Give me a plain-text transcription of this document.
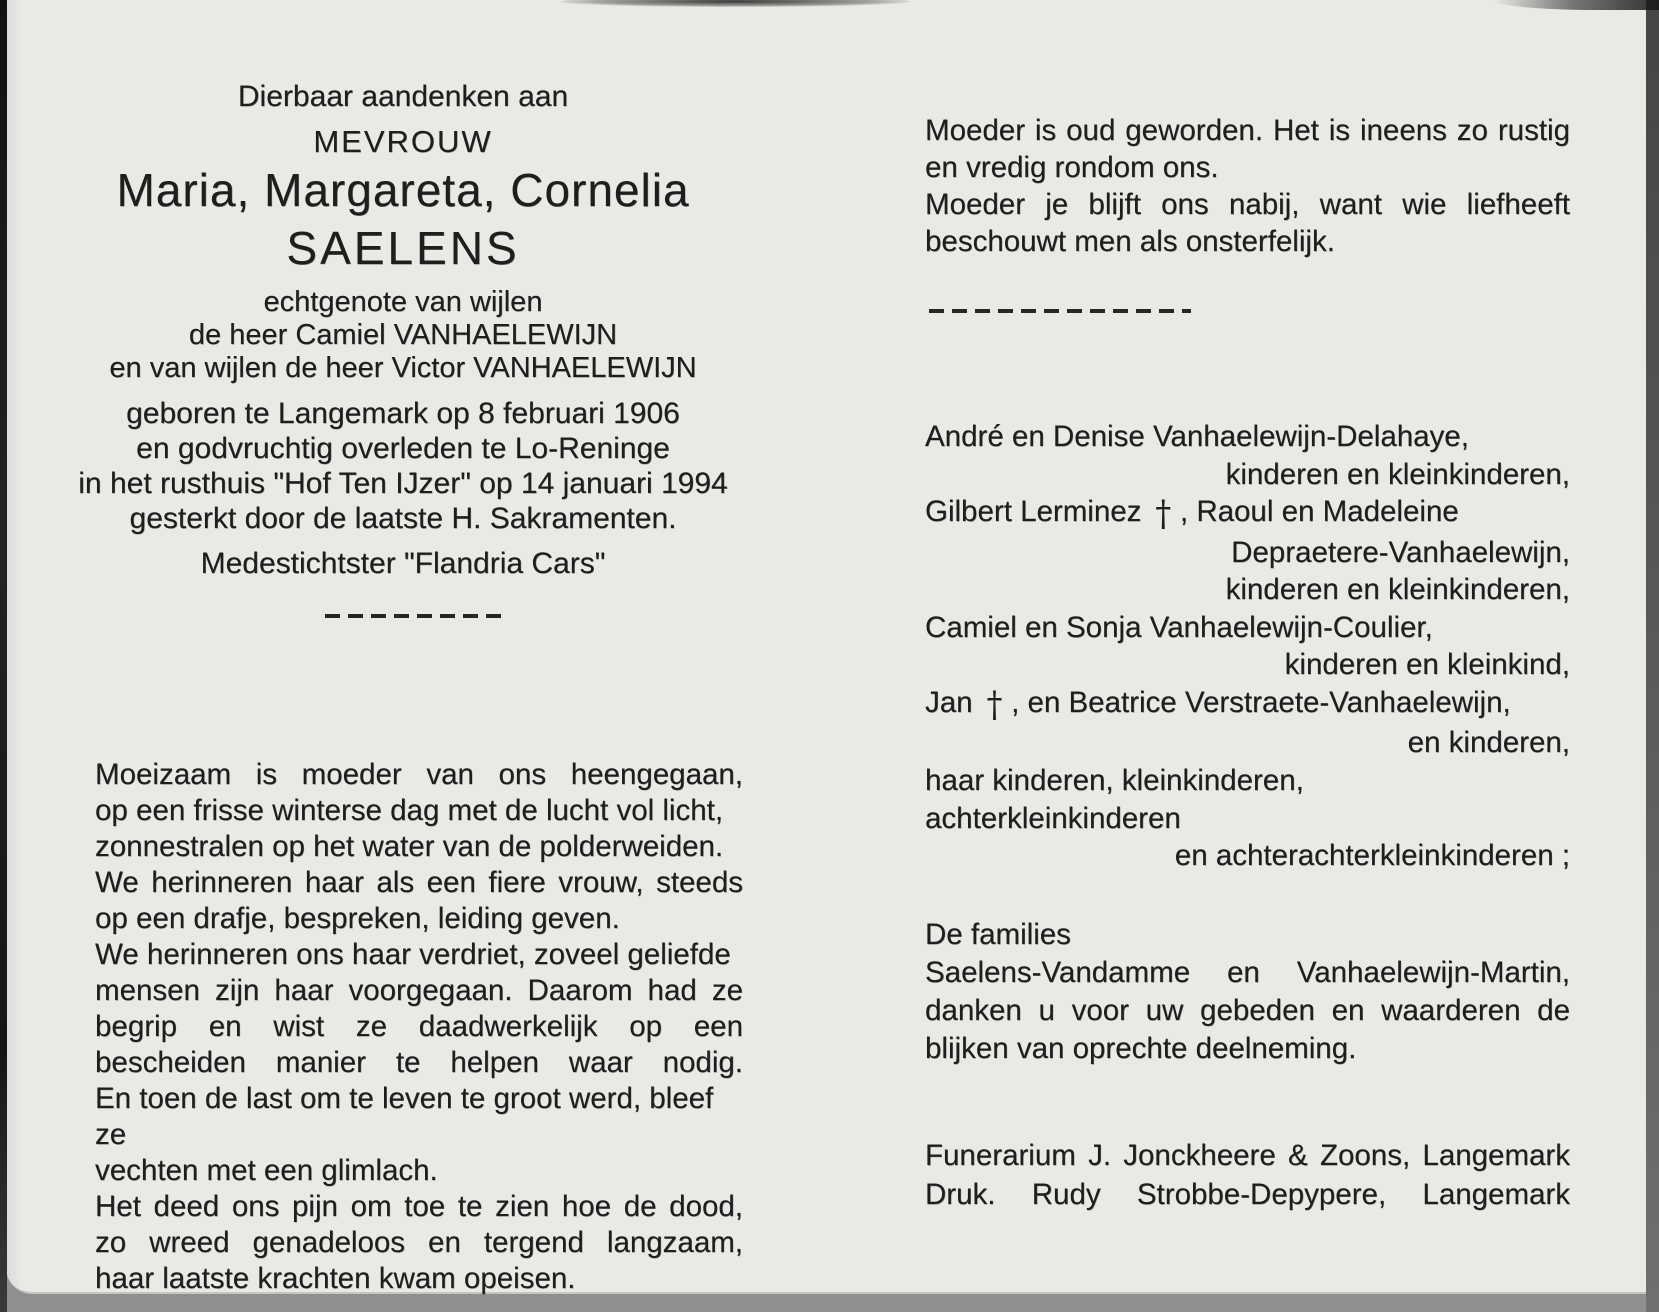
Dierbaar aandenken aan
MEVROUW
Maria, Margareta, Cornelia
SAELENS
echtgenote van wijlen
de heer Camiel VANHAELEWIJN
en van wijlen de heer Victor VANHAELEWIJN
geboren te Langemark op 8 februari 1906
en godvruchtig overleden te Lo-Reninge
in het rusthuis "Hof Ten IJzer" op 14 januari 1994
gesterkt door de laatste H. Sakramenten.
Medestichtster "Flandria Cars"
Moeizaam is moeder van ons heengegaan,
op een frisse winterse dag met de lucht vol licht,
zonnestralen op het water van de polderweiden.
We herinneren haar als een fiere vrouw, steeds
op een drafje, bespreken, leiding geven.
We herinneren ons haar verdriet, zoveel geliefde
mensen zijn haar voorgegaan. Daarom had ze
begrip en wist ze daadwerkelijk op een
bescheiden manier te helpen waar nodig.
En toen de last om te leven te groot werd, bleef ze
vechten met een glimlach.
Het deed ons pijn om toe te zien hoe de dood,
zo wreed genadeloos en tergend langzaam,
haar laatste krachten kwam opeisen.
Moeder is oud geworden. Het is ineens zo rustig
en vredig rondom ons.
Moeder je blijft ons nabij, want wie liefheeft
beschouwt men als onsterfelijk.
André en Denise Vanhaelewijn-Delahaye,
kinderen en kleinkinderen,
Gilbert Lerminez † , Raoul en Madeleine
Depraetere-Vanhaelewijn,
kinderen en kleinkinderen,
Camiel en Sonja Vanhaelewijn-Coulier,
kinderen en kleinkind,
Jan † , en Beatrice Verstraete-Vanhaelewijn,
en kinderen,
haar kinderen, kleinkinderen,
achterkleinkinderen
en achterachterkleinkinderen ;
De families
Saelens-Vandamme en Vanhaelewijn-Martin,
danken u voor uw gebeden en waarderen de
blijken van oprechte deelneming.
Funerarium J. Jonckheere & Zoons, Langemark
Druk. Rudy Strobbe-Depypere, Langemark
